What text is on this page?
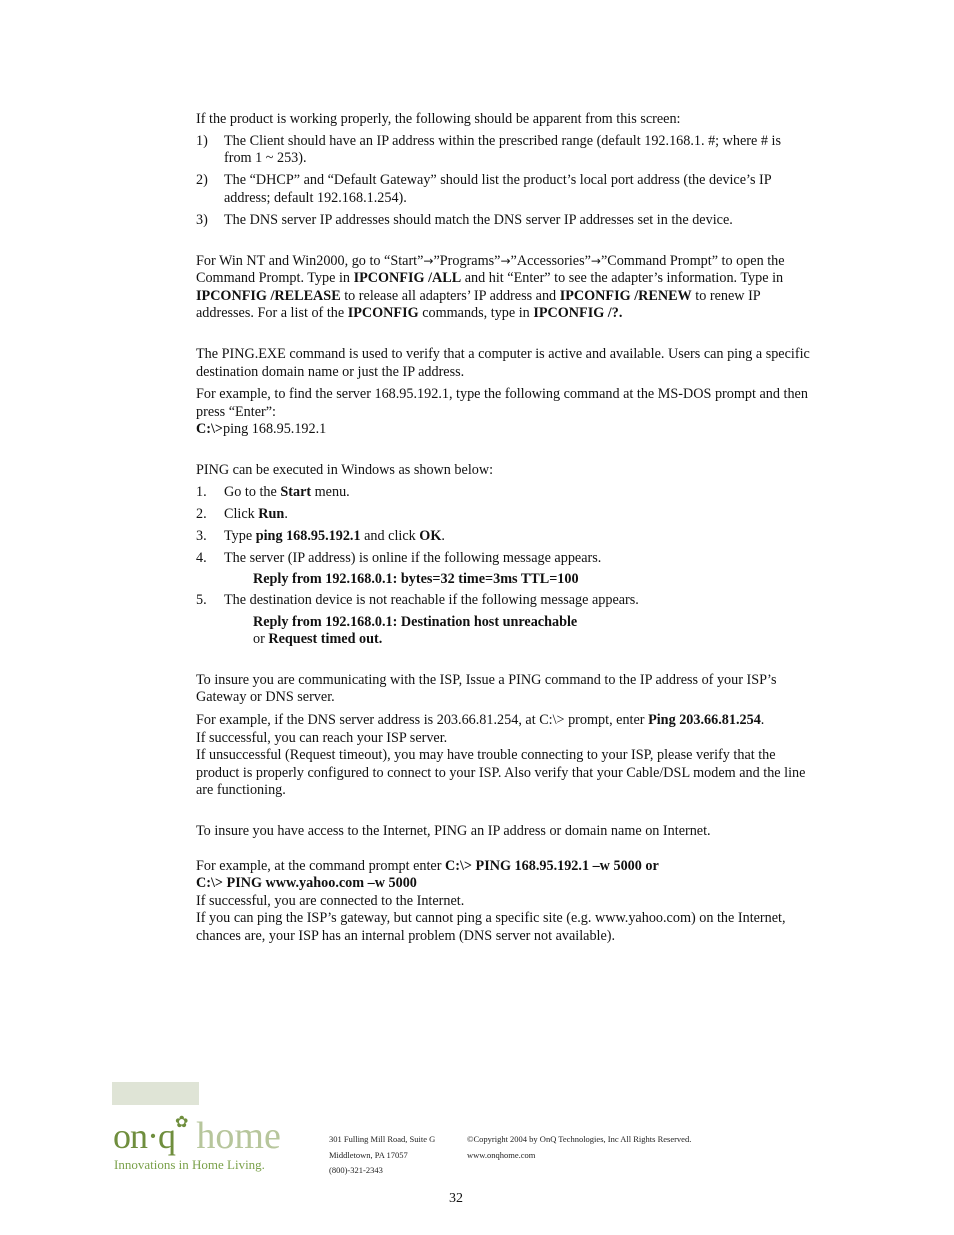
If the product is working properly, the following should be apparent from this screen:

1)	The Client should have an IP address within the prescribed range (default 192.168.1. #; where # is from 1 ~ 253).
2)	The “DHCP” and “Default Gateway” should list the product’s local port address (the device’s IP address; default 192.168.1.254).
3)	The DNS server IP addresses should match the DNS server IP addresses set in the device.

For Win NT and Win2000, go to “Start”→”Programs”→”Accessories”→”Command Prompt” to open the Command Prompt. Type in IPCONFIG /ALL and hit “Enter” to see the adapter’s information. Type in IPCONFIG /RELEASE to release all adapters’ IP address and IPCONFIG /RENEW to renew IP addresses. For a list of the IPCONFIG commands, type in IPCONFIG /?.

The PING.EXE command is used to verify that a computer is active and available. Users can ping a specific destination domain name or just the IP address.

For example, to find the server 168.95.192.1, type the following command at the MS-DOS prompt and then press “Enter”:

C:\>ping 168.95.192.1

PING can be executed in Windows as shown below:

1.	Go to the Start menu.
2.	Click Run.
3.	Type ping 168.95.192.1 and click OK.
4.	The server (IP address) is online if the following message appears.

Reply from 192.168.0.1: bytes=32 time=3ms TTL=100

5.	The destination device is not reachable if the following message appears.

Reply from 192.168.0.1: Destination host unreachable

or Request timed out.

To insure you are communicating with the ISP, Issue a PING command to the IP address of your ISP’s Gateway or DNS server.

For example, if the DNS server address is 203.66.81.254, at C:\> prompt, enter Ping 203.66.81.254.

If successful, you can reach your ISP server.

If unsuccessful (Request timeout), you may have trouble connecting to your ISP, please verify that the product is properly configured to connect to your ISP. Also verify that your Cable/DSL modem and the line are functioning.

To insure you have access to the Internet, PING an IP address or domain name on Internet.

For example, at the command prompt enter C:\> PING 168.95.192.1 –w 5000 or

C:\> PING www.yahoo.com –w 5000

If successful, you are connected to the Internet.

If you can ping the ISP’s gateway, but cannot ping a specific site (e.g. www.yahoo.com) on the Internet, chances are, your ISP has an internal problem (DNS server not available).

on·q✿ home
Innovations in Home Living.
301 Fulling Mill Road, Suite G
Middletown, PA 17057
(800)-321-2343
©Copyright 2004 by OnQ Technologies, Inc All Rights Reserved.
www.onqhome.com
32
